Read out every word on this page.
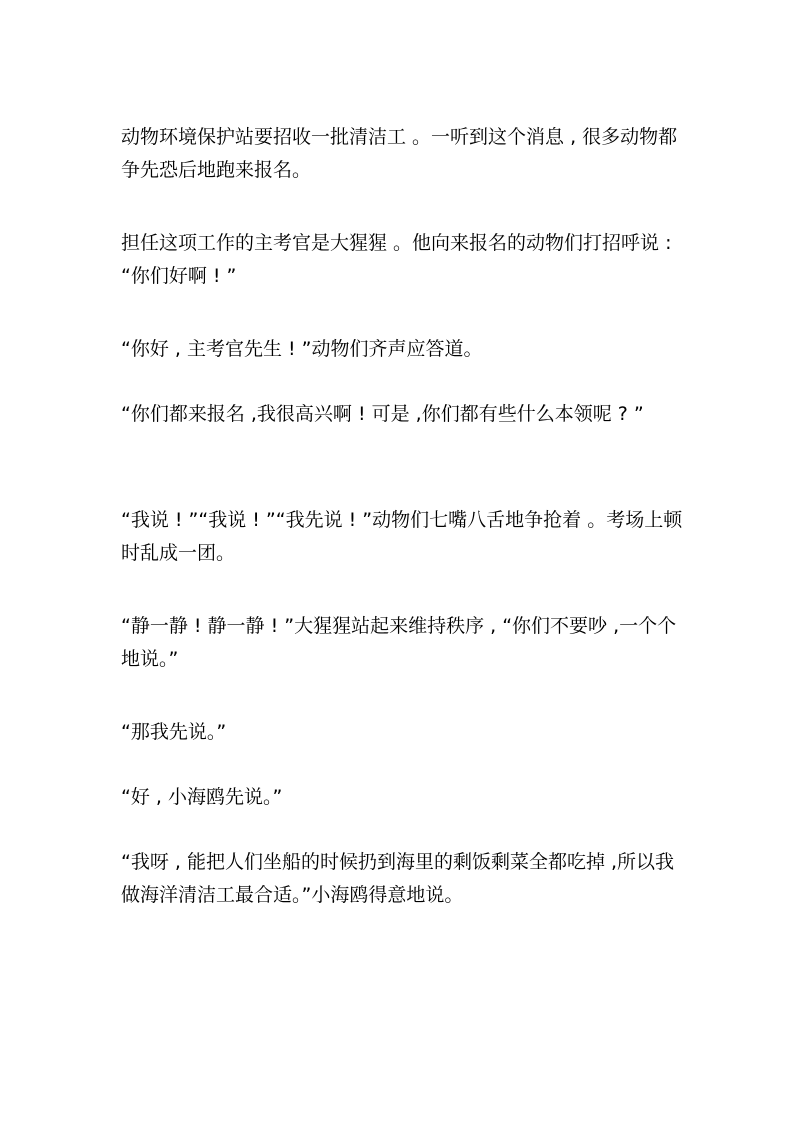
动物环境保护站要招收一批清洁工 。一听到这个消息 , 很多动物都争先恐后地跑来报名。

担任这项工作的主考官是大猩猩 。他向来报名的动物们打招呼说 : “你们好啊 ! ”

“你好 , 主考官先生 ! ”动物们齐声应答道。

“你们都来报名 ,我很高兴啊 ! 可是 ,你们都有些什么本领呢 ? ”

“我说 ! ”“我说 ! ”“我先说 ! ”动物们七嘴八舌地争抢着 。考场上顿时乱成一团。

“静一静 ! 静一静 ! ”大猩猩站起来维持秩序 , “你们不要吵 ,一个个地说。”

“那我先说。”

“好 , 小海鸥先说。”

“我呀 , 能把人们坐船的时候扔到海里的剩饭剩菜全都吃掉 ,所以我做海洋清洁工最合适。”小海鸥得意地说。
